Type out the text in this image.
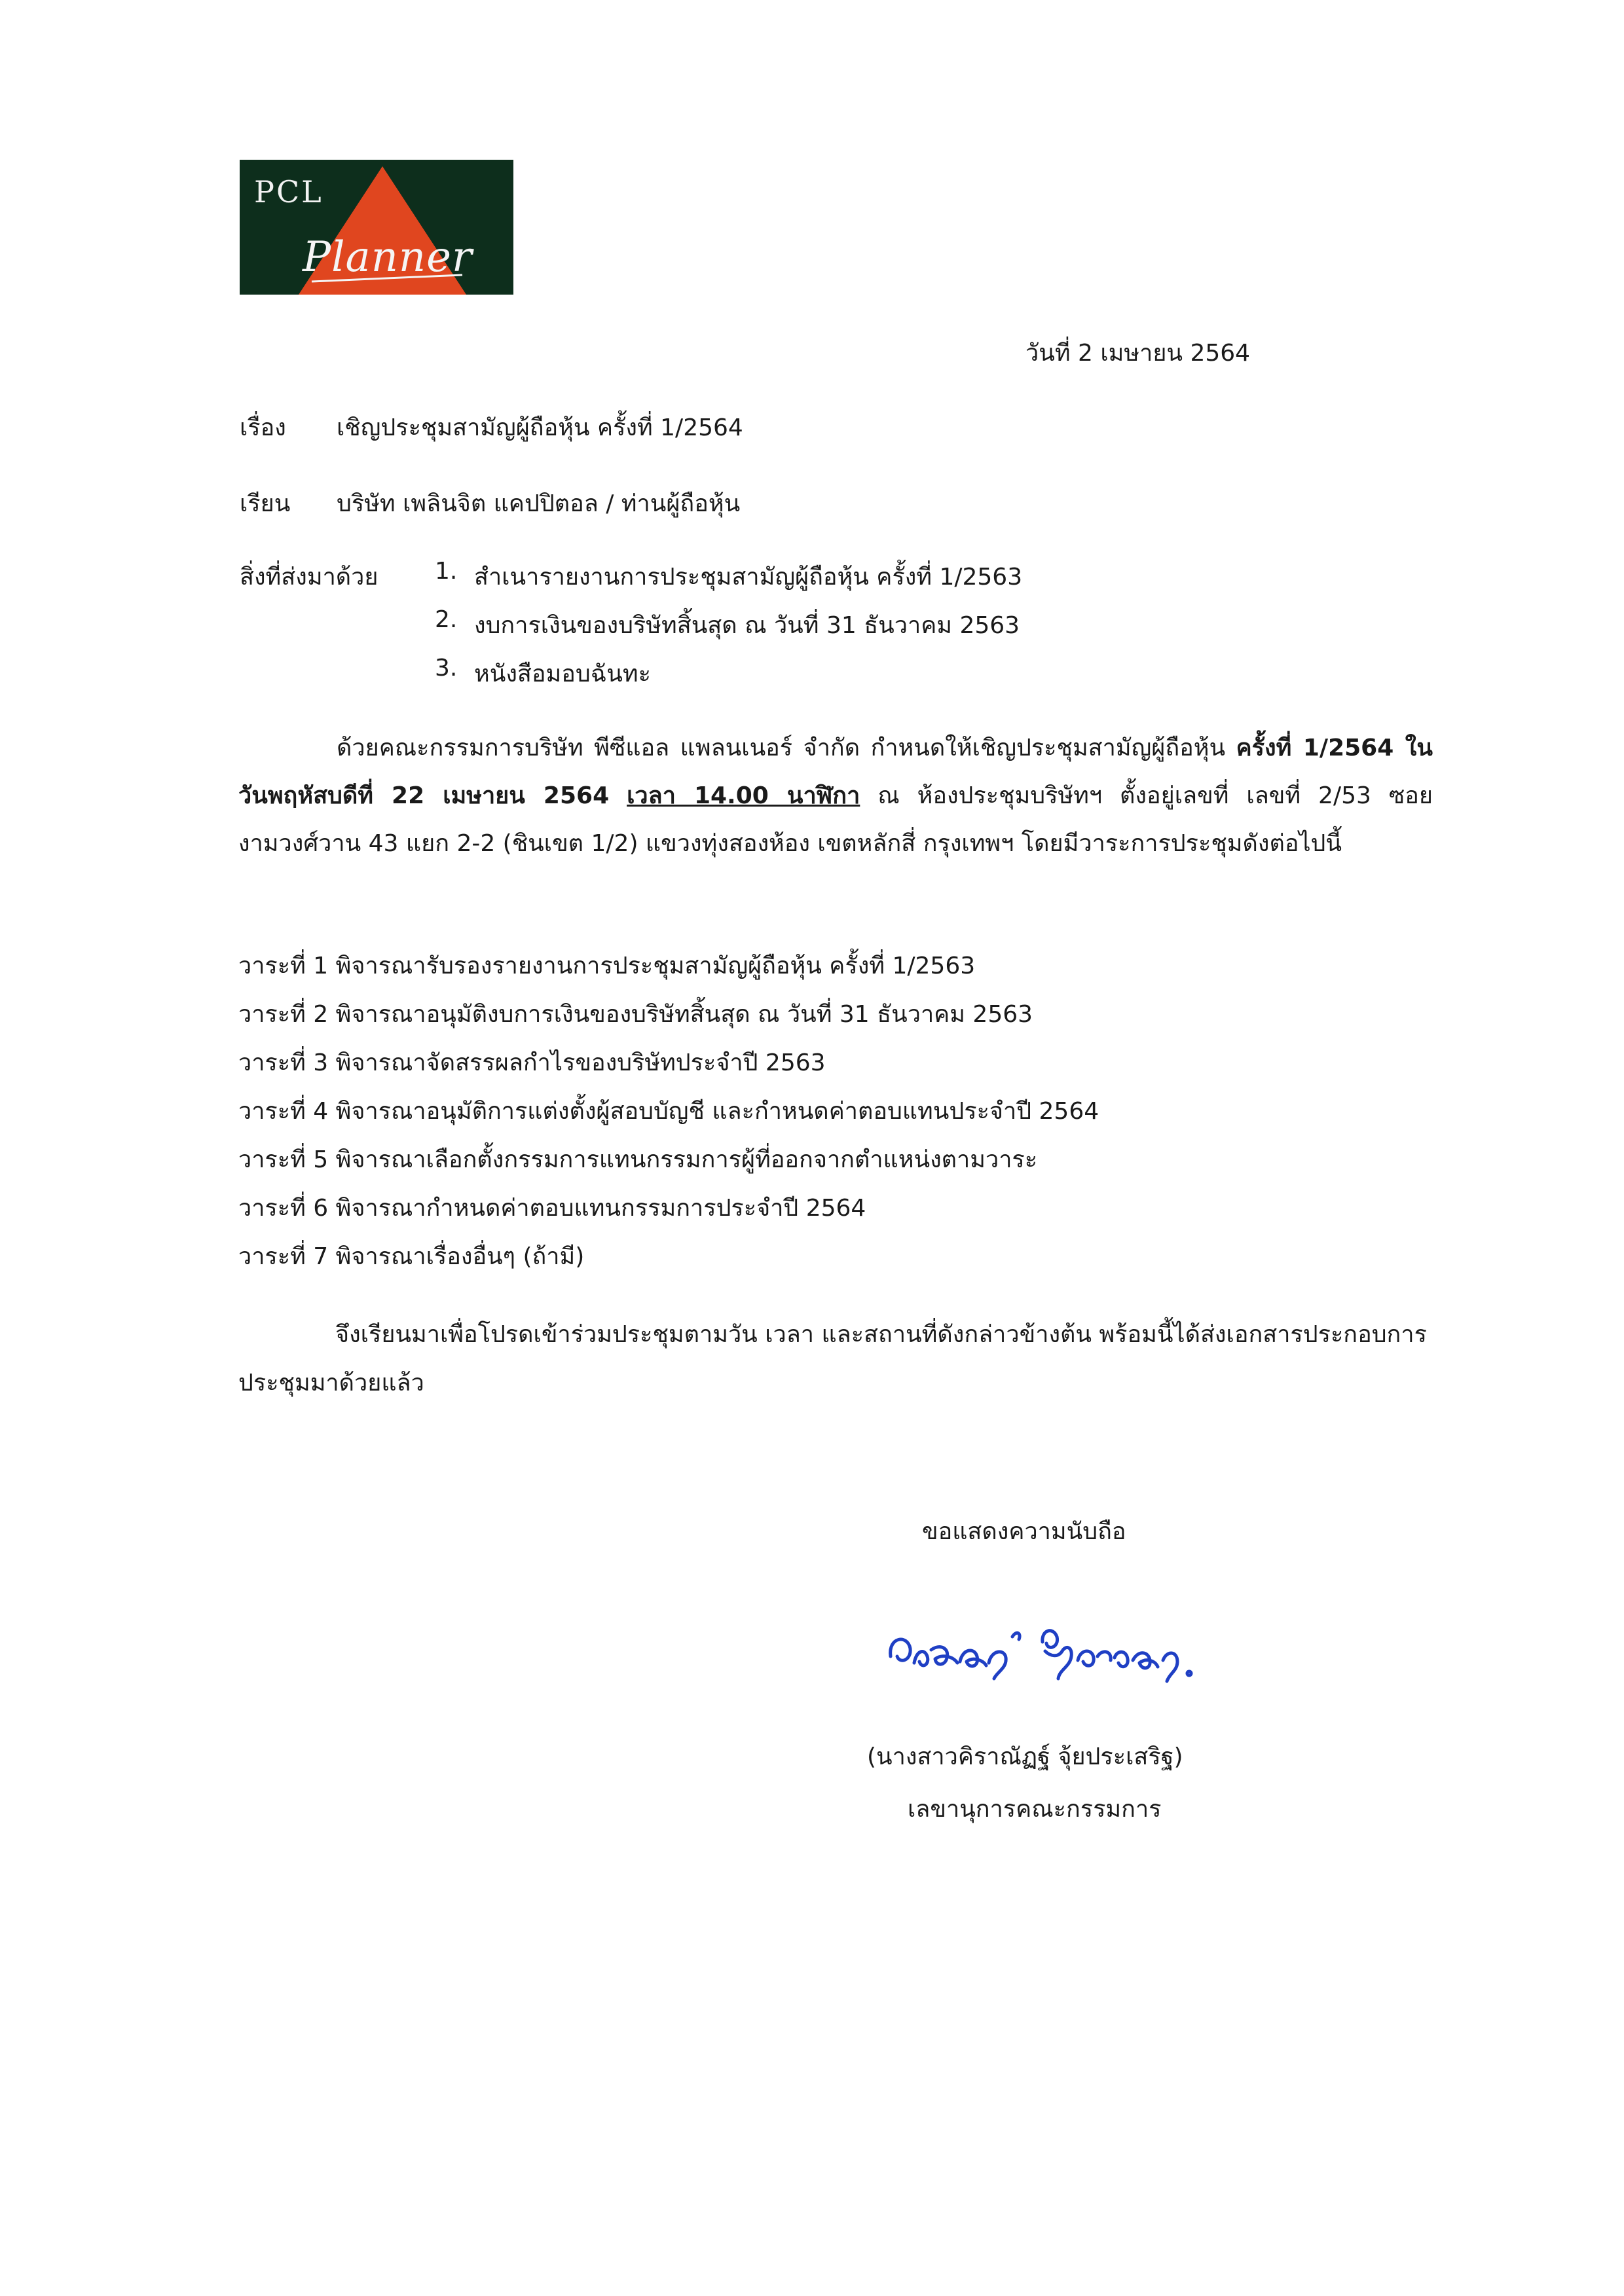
PCL
Planner
วันที่ 2 เมษายน 2564
เรื่อง เชิญประชุมสามัญผู้ถือหุ้น ครั้งที่ 1/2564
เรียน บริษัท เพลินจิต แคปปิตอล / ท่านผู้ถือหุ้น
สิ่งที่ส่งมาด้วย 1. สำเนารายงานการประชุมสามัญผู้ถือหุ้น ครั้งที่ 1/2563
2. งบการเงินของบริษัทสิ้นสุด ณ วันที่ 31 ธันวาคม 2563
3. หนังสือมอบฉันทะ
ด้วยคณะกรรมการบริษัท พีซีแอล แพลนเนอร์ จำกัด กำหนดให้เชิญประชุมสามัญผู้ถือหุ้น ครั้งที่ 1/2564 ในวันพฤหัสบดีที่ 22 เมษายน 2564 เวลา 14.00 นาฬิกา ณ ห้องประชุมบริษัทฯ ตั้งอยู่เลขที่ เลขที่ 2/53 ซอยงามวงศ์วาน 43 แยก 2-2 (ชินเขต 1/2) แขวงทุ่งสองห้อง เขตหลักสี่ กรุงเทพฯ โดยมีวาระการประชุมดังต่อไปนี้
วาระที่ 1 พิจารณารับรองรายงานการประชุมสามัญผู้ถือหุ้น ครั้งที่ 1/2563
วาระที่ 2 พิจารณาอนุมัติงบการเงินของบริษัทสิ้นสุด ณ วันที่ 31 ธันวาคม 2563
วาระที่ 3 พิจารณาจัดสรรผลกำไรของบริษัทประจำปี 2563
วาระที่ 4 พิจารณาอนุมัติการแต่งตั้งผู้สอบบัญชี และกำหนดค่าตอบแทนประจำปี 2564
วาระที่ 5 พิจารณาเลือกตั้งกรรมการแทนกรรมการผู้ที่ออกจากตำแหน่งตามวาระ
วาระที่ 6 พิจารณากำหนดค่าตอบแทนกรรมการประจำปี 2564
วาระที่ 7 พิจารณาเรื่องอื่นๆ (ถ้ามี)
จึงเรียนมาเพื่อโปรดเข้าร่วมประชุมตามวัน เวลา และสถานที่ดังกล่าวข้างต้น พร้อมนี้ได้ส่งเอกสารประกอบการประชุมมาด้วยแล้ว
ขอแสดงความนับถือ
(นางสาวคิราณัฏฐ์ จุ้ยประเสริฐ)
เลขานุการคณะกรรมการ
